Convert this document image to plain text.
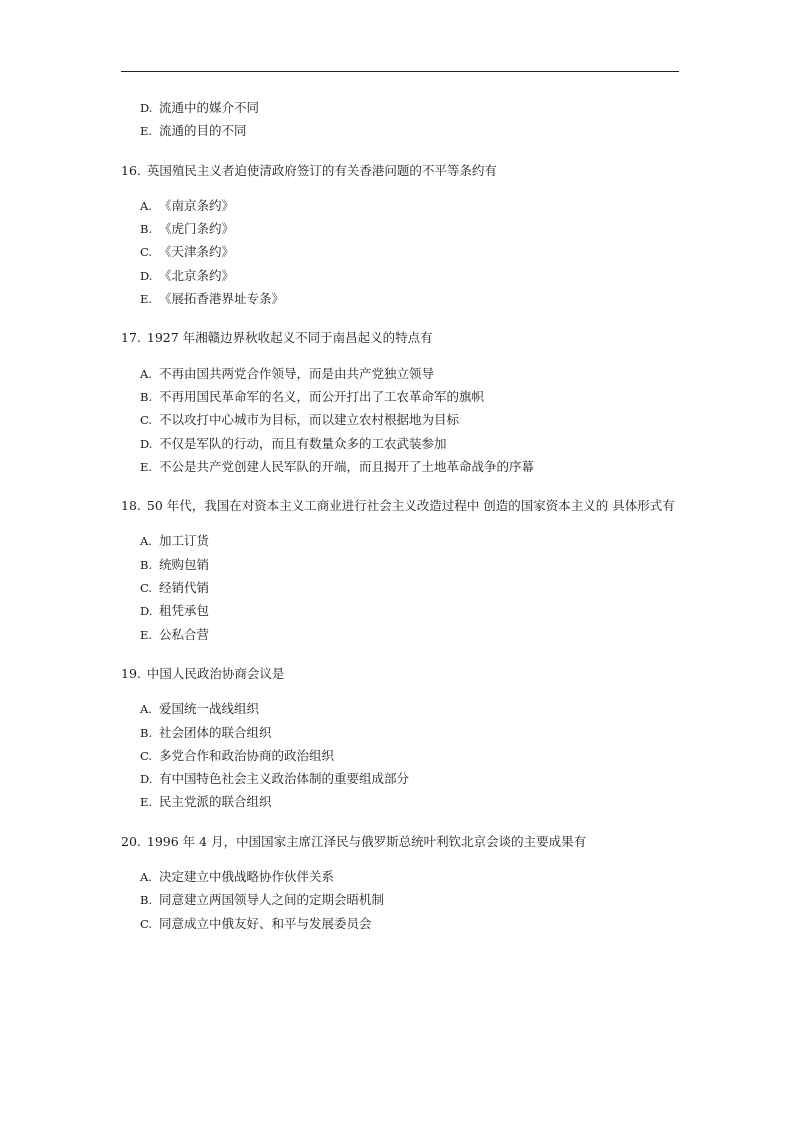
D. 流通中的媒介不同
E. 流通的目的不同
16. 英国殖民主义者迫使清政府签订的有关香港问题的不平等条约有
A. 《南京条约》
B. 《虎门条约》
C. 《天津条约》
D. 《北京条约》
E. 《展拓香港界址专条》
17. 1927 年湘赣边界秋收起义不同于南昌起义的特点有
A. 不再由国共两党合作领导，而是由共产党独立领导
B. 不再用国民革命军的名义，而公开打出了工农革命军的旗帜
C. 不以攻打中心城市为目标，而以建立农村根据地为目标
D. 不仅是军队的行动，而且有数量众多的工农武装参加
E. 不公是共产党创建人民军队的开端，而且揭开了土地革命战争的序幕
18. 50 年代，我国在对资本主义工商业进行社会主义改造过程中 创造的国家资本主义的 具体形式有
A. 加工订货
B. 统购包销
C. 经销代销
D. 租凭承包
E. 公私合营
19. 中国人民政治协商会议是
A. 爱国统一战线组织
B. 社会团体的联合组织
C. 多党合作和政治协商的政治组织
D. 有中国特色社会主义政治体制的重要组成部分
E. 民主党派的联合组织
20. 1996 年 4 月，中国国家主席江泽民与俄罗斯总统叶利钦北京会谈的主要成果有
A. 决定建立中俄战略协作伙伴关系
B. 同意建立两国领导人之间的定期会晤机制
C. 同意成立中俄友好、和平与发展委员会
